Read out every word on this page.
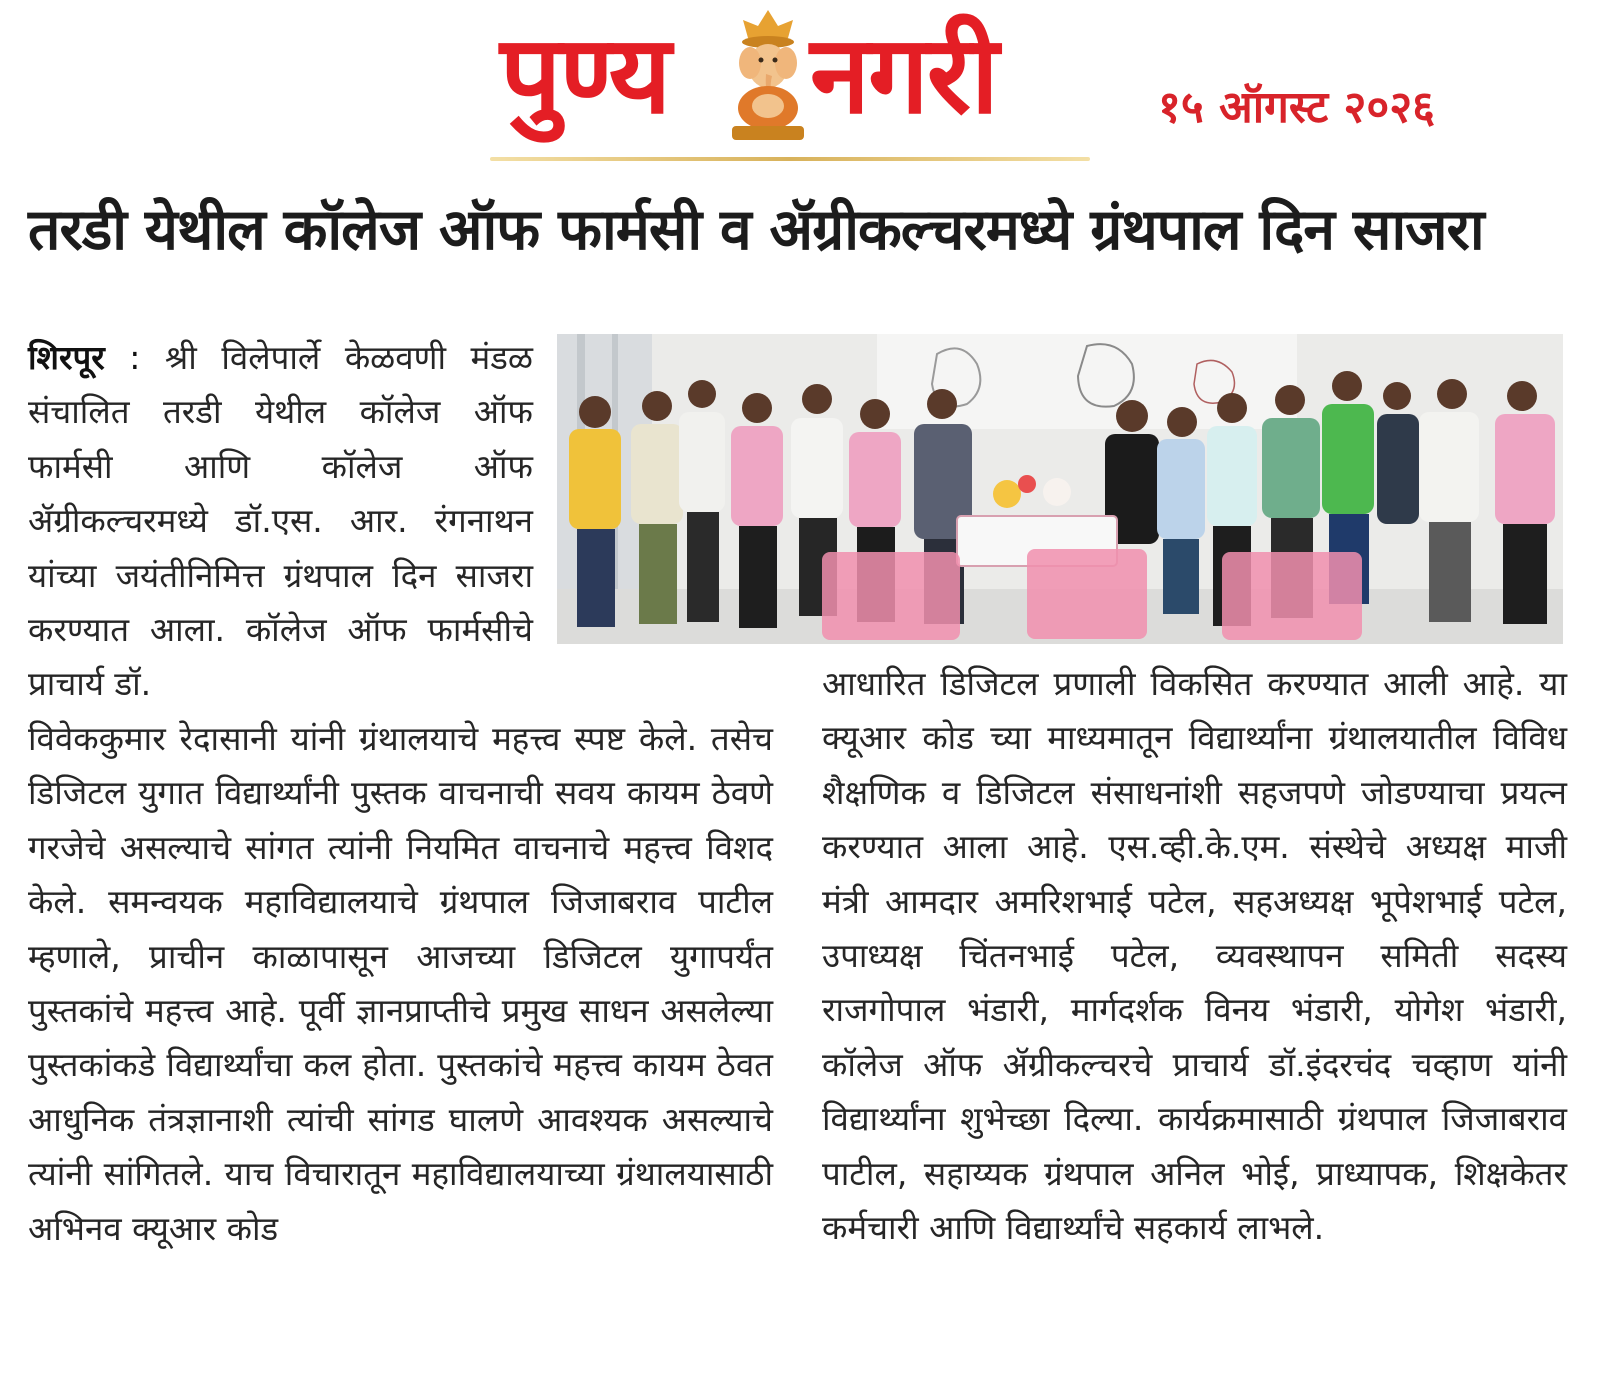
पुण्य नगरी	१५ ऑगस्ट २०२६
तरडी येथील कॉलेज ऑफ फार्मसी व ॲग्रीकल्चरमध्ये ग्रंथपाल दिन साजरा

शिरपूर : श्री विलेपार्ले केळवणी मंडळ संचालित तरडी येथील कॉलेज ऑफ फार्मसी आणि कॉलेज ऑफ ॲग्रीकल्चरमध्ये डॉ.एस. आर. रंगनाथन यांच्या जयंतीनिमित्त ग्रंथपाल दिन साजरा करण्यात आला. कॉलेज ऑफ फार्मसीचे प्राचार्य डॉ.

विवेककुमार रेदासानी यांनी ग्रंथालयाचे महत्त्व स्पष्ट केले. तसेच डिजिटल युगात विद्यार्थ्यांनी पुस्तक वाचनाची सवय कायम ठेवणे गरजेचे असल्याचे सांगत त्यांनी नियमित वाचनाचे महत्त्व विशद केले. समन्वयक महाविद्यालयाचे ग्रंथपाल जिजाबराव पाटील म्हणाले, प्राचीन काळापासून आजच्या डिजिटल युगापर्यंत पुस्तकांचे महत्त्व आहे. पूर्वी ज्ञानप्राप्तीचे प्रमुख साधन असलेल्या पुस्तकांकडे विद्यार्थ्यांचा कल होता. पुस्तकांचे महत्त्व कायम ठेवत आधुनिक तंत्रज्ञानाशी त्यांची सांगड घालणे आवश्यक असल्याचे त्यांनी सांगितले. याच विचारातून महाविद्यालयाच्या ग्रंथालयासाठी अभिनव क्यूआर कोड

आधारित डिजिटल प्रणाली विकसित करण्यात आली आहे. या क्यूआर कोड च्या माध्यमातून विद्यार्थ्यांना ग्रंथालयातील विविध शैक्षणिक व डिजिटल संसाधनांशी सहजपणे जोडण्याचा प्रयत्न करण्यात आला आहे. एस.व्ही.के.एम. संस्थेचे अध्यक्ष माजी मंत्री आमदार अमरिशभाई पटेल, सहअध्यक्ष भूपेशभाई पटेल, उपाध्यक्ष चिंतनभाई पटेल, व्यवस्थापन समिती सदस्य राजगोपाल भंडारी, मार्गदर्शक विनय भंडारी, योगेश भंडारी, कॉलेज ऑफ ॲग्रीकल्चरचे प्राचार्य डॉ.इंदरचंद चव्हाण यांनी विद्यार्थ्यांना शुभेच्छा दिल्या. कार्यक्रमासाठी ग्रंथपाल जिजाबराव पाटील, सहाय्यक ग्रंथपाल अनिल भोई, प्राध्यापक, शिक्षकेतर कर्मचारी आणि विद्यार्थ्यांचे सहकार्य लाभले.
